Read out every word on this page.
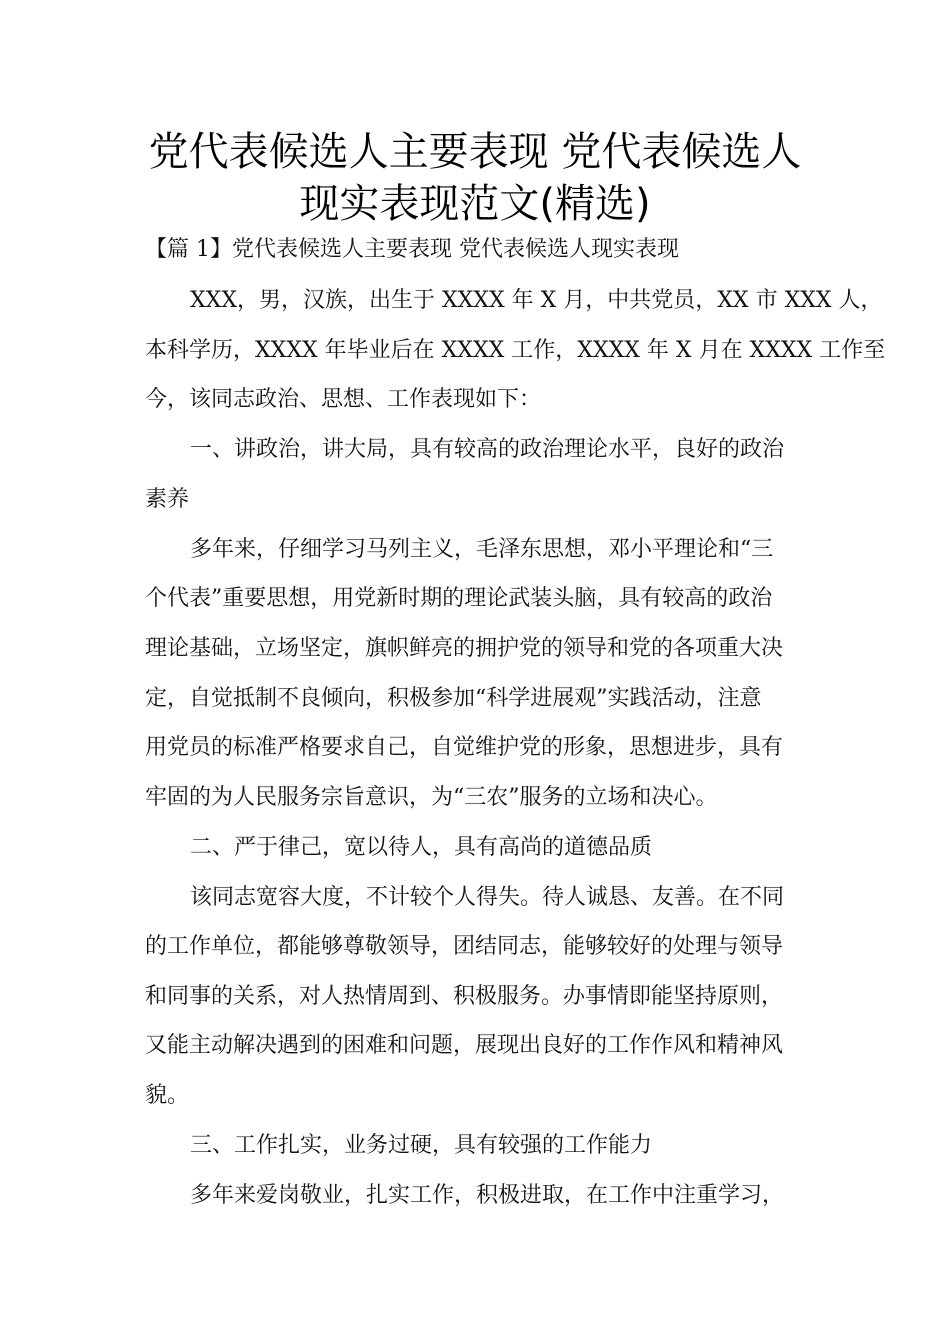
党代表候选人主要表现 党代表候选人
现实表现范文(精选)
【篇 1】党代表候选人主要表现 党代表候选人现实表现
XXX，男，汉族，出生于 XXXX 年 X 月，中共党员，XX 市 XXX 人，
本科学历，XXXX 年毕业后在 XXXX 工作，XXXX 年 X 月在 XXXX 工作至
今，该同志政治、思想、工作表现如下：
一、讲政治，讲大局，具有较高的政治理论水平，良好的政治
素养
多年来，仔细学习马列主义，毛泽东思想，邓小平理论和“三
个代表”重要思想，用党新时期的理论武装头脑，具有较高的政治
理论基础，立场坚定，旗帜鲜亮的拥护党的领导和党的各项重大决
定，自觉抵制不良倾向，积极参加“科学进展观”实践活动，注意
用党员的标准严格要求自己，自觉维护党的形象，思想进步，具有
牢固的为人民服务宗旨意识，为“三农”服务的立场和决心。
二、严于律己，宽以待人，具有高尚的道德品质
该同志宽容大度，不计较个人得失。待人诚恳、友善。在不同
的工作单位，都能够尊敬领导，团结同志，能够较好的处理与领导
和同事的关系，对人热情周到、积极服务。办事情即能坚持原则，
又能主动解决遇到的困难和问题，展现出良好的工作作风和精神风
貌。
三、工作扎实，业务过硬，具有较强的工作能力
多年来爱岗敬业，扎实工作，积极进取，在工作中注重学习，
